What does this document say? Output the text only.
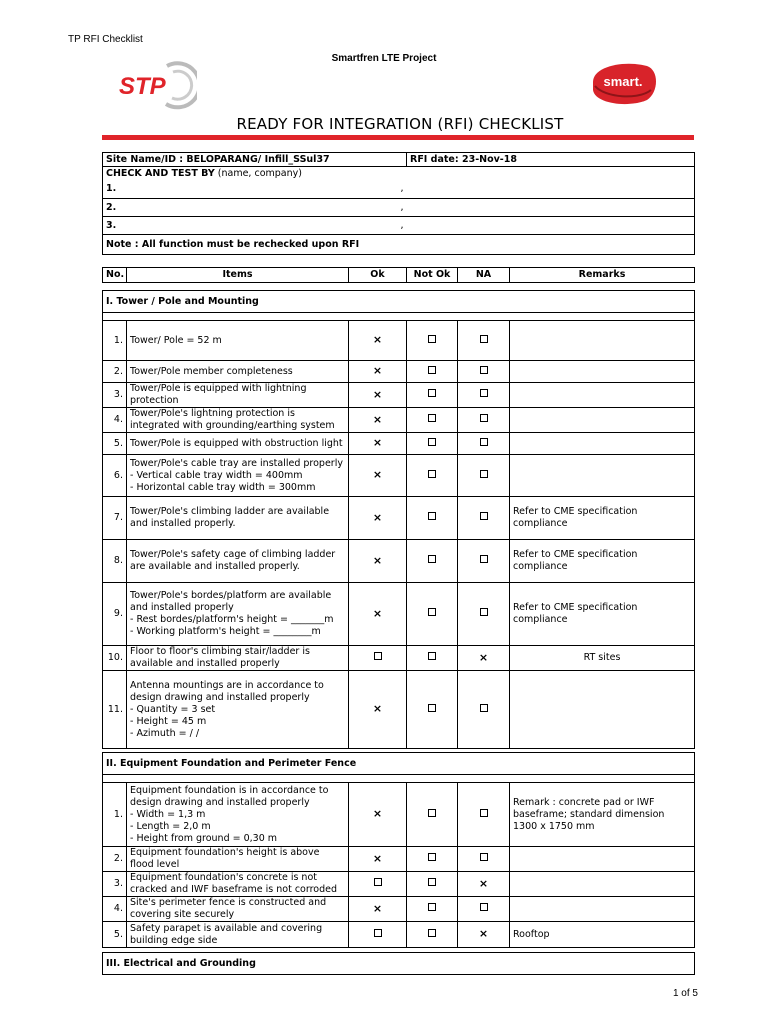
TP RFI Checklist
Smartfren LTE Project
STP	smart.
READY FOR INTEGRATION (RFI) CHECKLIST
Site Name/ID : BELOPARANG/ Infill_SSul37	RFI date: 23-Nov-18
CHECK AND TEST BY (name, company)	
1. ,	

2. ,	

3. ,	

Note : All function must be rechecked upon RFI	
No.	Items	Ok	Not Ok	NA	Remarks
I. Tower / Pole and Mounting					

1.	Tower/ Pole = 52 m	×			
2.	Tower/Pole member completeness	×			
3.	Tower/Pole is equipped with lightning protection	×			
4.	Tower/Pole's lightning protection is integrated with grounding/earthing system	×			
5.	Tower/Pole is equipped with obstruction light	×			
6.	Tower/Pole's cable tray are installed properly
- Vertical cable tray width = 400mm
- Horizontal cable tray width = 300mm	×			
7.	Tower/Pole's climbing ladder are available and installed properly.	×			Refer to CME specification compliance
8.	Tower/Pole's safety cage of climbing ladder are available and installed properly.	×			Refer to CME specification compliance
9.	Tower/Pole's bordes/platform are available and installed properly
- Rest bordes/platform's height = _______m
- Working platform's height = ________m	×			Refer to CME specification compliance
10.	Floor to floor's climbing stair/ladder is available and installed properly			×	RT sites
11.	Antenna mountings are in accordance to design drawing and installed properly
- Quantity = 3 set
- Height = 45 m
- Azimuth = / /	×			
II. Equipment Foundation and Perimeter Fence					

1.	Equipment foundation is in accordance to design drawing and installed properly
- Width = 1,3 m
- Length = 2,0 m
- Height from ground = 0,30 m	×			Remark : concrete pad or IWF baseframe; standard dimension 1300 x 1750 mm
2.	Equipment foundation's height is above flood level	×			
3.	Equipment foundation's concrete is not cracked and IWF baseframe is not corroded			×	
4.	Site's perimeter fence is constructed and covering site securely	×			
5.	Safety parapet is available and covering building edge side			×	Rooftop
III. Electrical and Grounding
1 of 5
